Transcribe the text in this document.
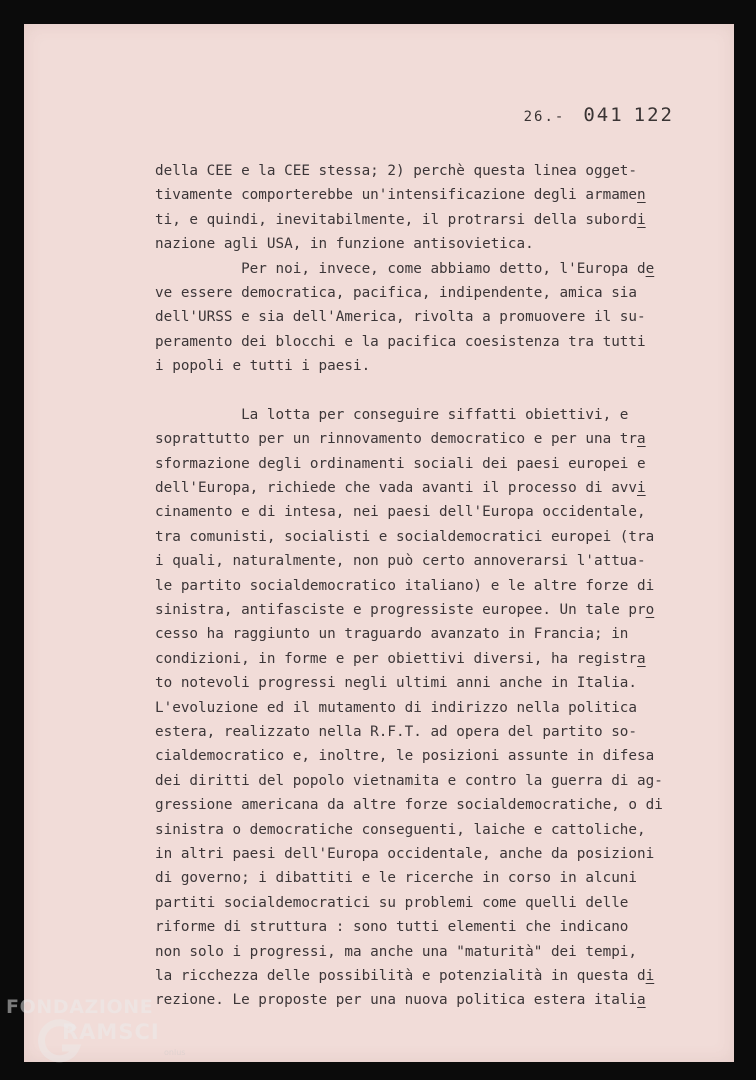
26.- 041 122
della CEE e la CEE stessa; 2) perchè questa linea ogget-
tivamente comporterebbe un'intensificazione degli armamen
ti, e quindi, inevitabilmente, il protrarsi della subordi
nazione agli USA, in funzione antisovietica.
Per noi, invece, come abbiamo detto, l'Europa de
ve essere democratica, pacifica, indipendente, amica sia
dell'URSS e sia dell'America, rivolta a promuovere il su-
peramento dei blocchi e la pacifica coesistenza tra tutti
i popoli e tutti i paesi.
La lotta per conseguire siffatti obiettivi, e
soprattutto per un rinnovamento democratico e per una tra
sformazione degli ordinamenti sociali dei paesi europei e
dell'Europa, richiede che vada avanti il processo di avvi
cinamento e di intesa, nei paesi dell'Europa occidentale,
tra comunisti, socialisti e socialdemocratici europei (tra
i quali, naturalmente, non può certo annoverarsi l'attua-
le partito socialdemocratico italiano) e le altre forze di
sinistra, antifasciste e progressiste europee. Un tale pro
cesso ha raggiunto un traguardo avanzato in Francia; in
condizioni, in forme e per obiettivi diversi, ha registra
to notevoli progressi negli ultimi anni anche in Italia.
L'evoluzione ed il mutamento di indirizzo nella politica
estera, realizzato nella R.F.T. ad opera del partito so-
cialdemocratico e, inoltre, le posizioni assunte in difesa
dei diritti del popolo vietnamita e contro la guerra di ag-
gressione americana da altre forze socialdemocratiche, o di
sinistra o democratiche conseguenti, laiche e cattoliche,
in altri paesi dell'Europa occidentale, anche da posizioni
di governo; i dibattiti e le ricerche in corso in alcuni
partiti socialdemocratici su problemi come quelli delle
riforme di struttura : sono tutti elementi che indicano
non solo i progressi, ma anche una "maturità" dei tempi,
la ricchezza delle possibilità e potenzialità in questa di
rezione. Le proposte per una nuova politica estera italia
FONDAZIONE
RAMSCI
onlus
